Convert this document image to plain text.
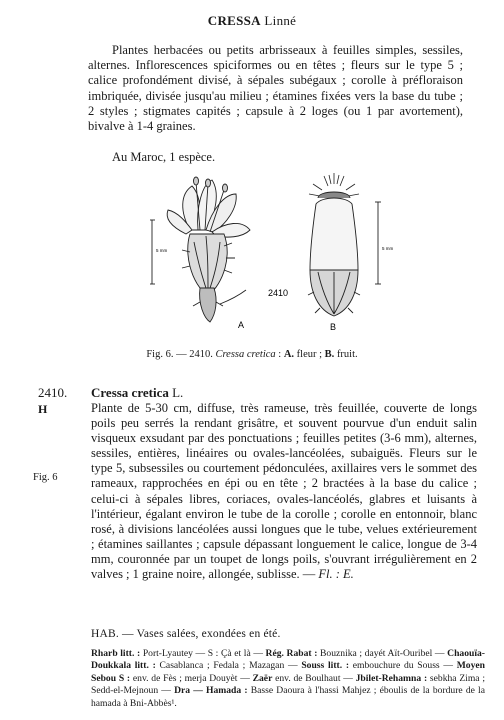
CRESSA Linné

Plantes herbacées ou petits arbrisseaux à feuilles simples, sessiles, alternes. Inflorescences spiciformes ou en têtes ; fleurs sur le type 5 ; calice profondément divisé, à sépales subégaux ; corolle à préfloraison imbriquée, divisée jusqu'au milieu ; étamines fixées vers la base du tube ; 2 styles ; stigmates capités ; capsule à 2 loges (ou 1 par avortement), bivalve à 1-4 graines.

Au Maroc, 1 espèce.
5 mm	5 mm
A	B
2410
Fig. 6. — 2410. Cressa cretica : A. fleur ; B. fruit.
2410. Cressa cretica L.
H
Fig. 6

Plante de 5-30 cm, diffuse, très rameuse, très feuillée, couverte de longs poils peu serrés la rendant grisâtre, et souvent pourvue d'un enduit salin visqueux exsudant par des ponctuations ; feuilles petites (3-6 mm), alternes, sessiles, entières, linéaires ou ovales-lancéolées, subaiguës. Fleurs sur le type 5, subsessiles ou courtement pédonculées, axillaires vers le sommet des rameaux, rapprochées en épi ou en tête ; 2 bractées à la base du calice ; celui-ci à sépales libres, coriaces, ovales-lancéolés, glabres et luisants à l'intérieur, égalant environ le tube de la corolle ; corolle en entonnoir, blanc rosé, à divisions lancéolées aussi longues que le tube, velues extérieurement ; étamines saillantes ; capsule dépassant longuement le calice, longue de 3-4 mm, couronnée par un toupet de longs poils, s'ouvrant irrégulièrement en 2 valves ; 1 graine noire, allongée, sublisse. — Fl. : E.

HAB. — Vases salées, exondées en été.

Rharb litt. : Port-Lyautey — S : Çà et là — Rég. Rabat : Bouznika ; dayét Aït-Ouribel — Chaouïa-Doukkala litt. : Casablanca ; Fedala ; Mazagan — Souss litt. : embouchure du Souss — Moyen Sebou S : env. de Fès ; merja Douyèt — Zaër env. de Boulhaut — Jbilet-Rehamna : sebkha Zima ; Sedd-el-Mejnoun — Dra — Hamada : Basse Daoura à l'hassi Mahjez ; éboulis de la bordure de la hamada à Bni-Abbès¹.
